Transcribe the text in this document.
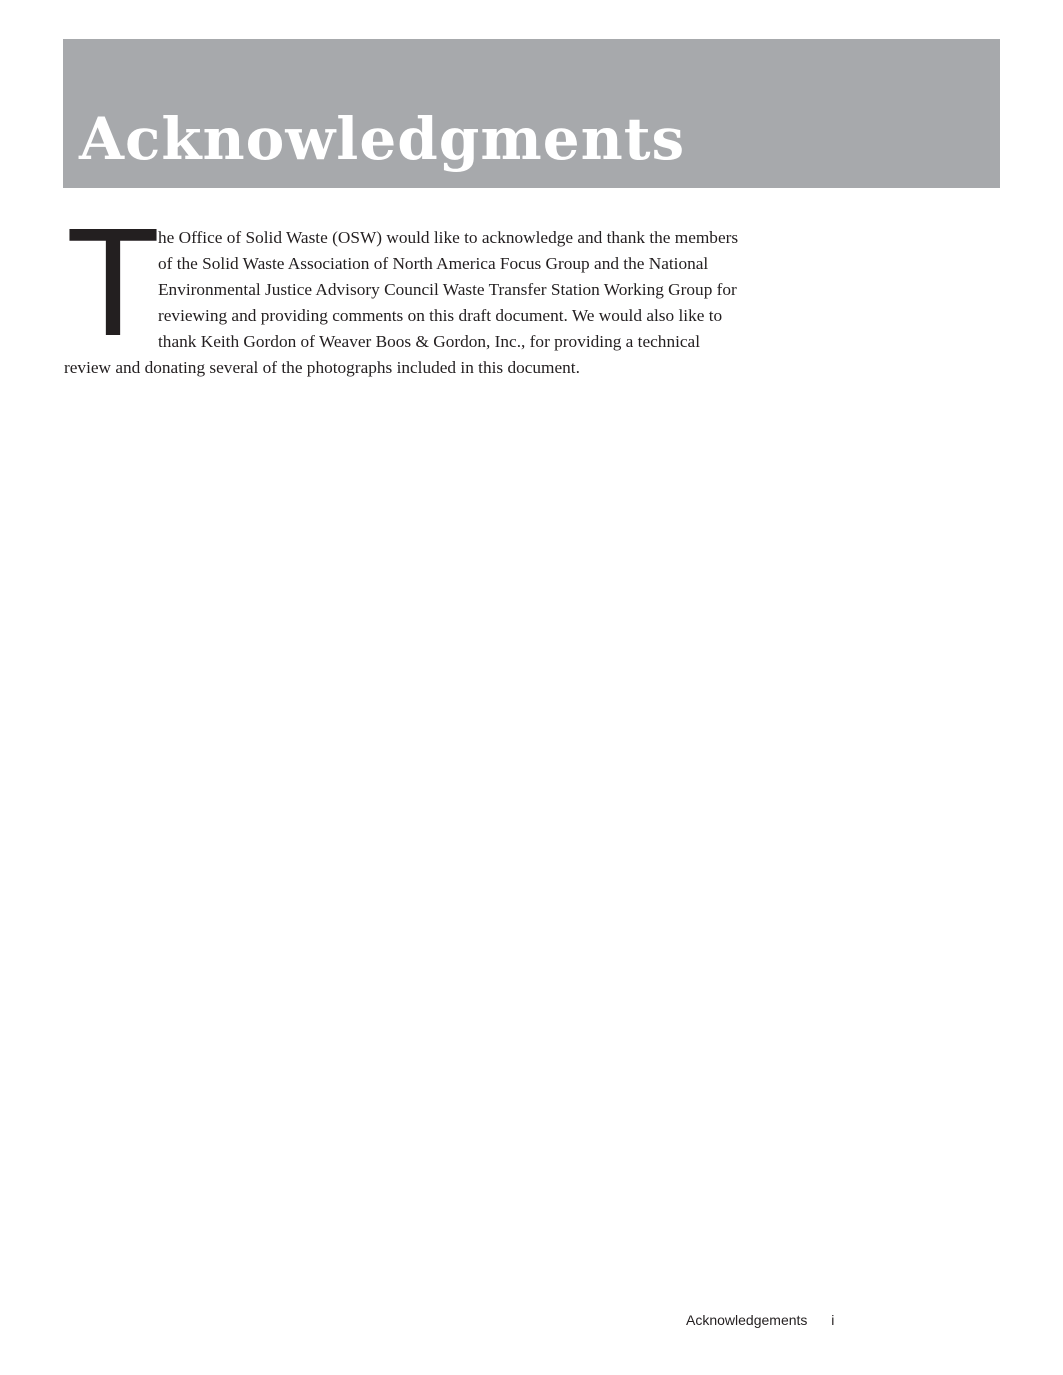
Acknowledgments
T

he Office of Solid Waste (OSW) would like to acknowledge and thank the members
of the Solid Waste Association of North America Focus Group and the National
Environmental Justice Advisory Council Waste Transfer Station Working Group for
reviewing and providing comments on this draft document. We would also like to
thank Keith Gordon of Weaver Boos & Gordon, Inc., for providing a technical
review and donating several of the photographs included in this document.

Acknowledgements i
